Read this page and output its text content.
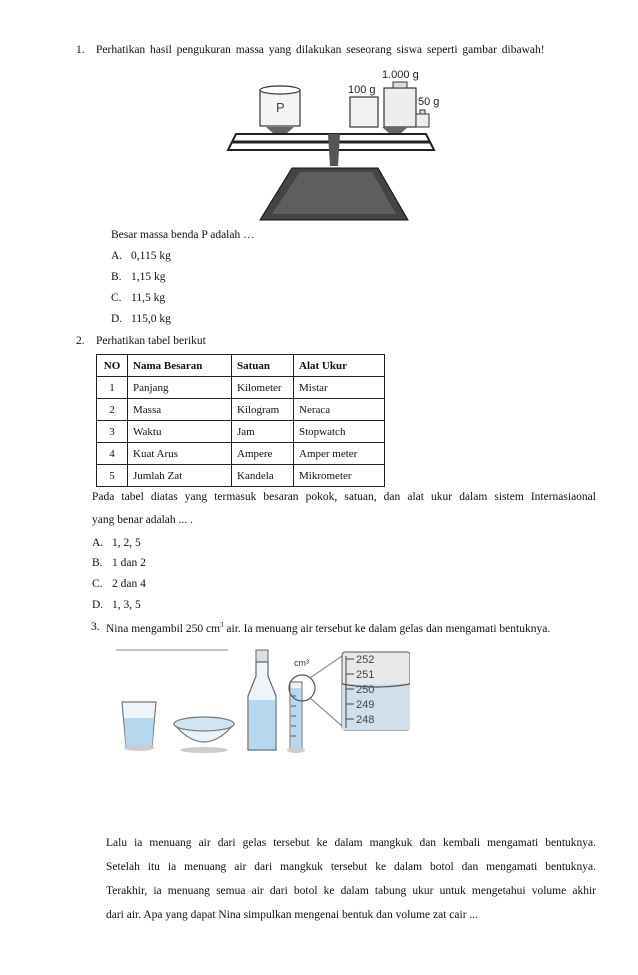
1. Perhatikan hasil pengukuran massa yang dilakukan seseorang siswa seperti gambar dibawah!
1.000 g
100 g
50 g
P
Besar massa benda P adalah …
A. 0,115 kg
B. 1,15 kg
C. 11,5 kg
D. 115,0 kg
2. Perhatikan tabel berikut
NO	Nama Besaran	Satuan	Alat Ukur
1	Panjang	Kilometer	Mistar
2	Massa	Kilogram	Neraca
3	Waktu	Jam	Stopwatch
4	Kuat Arus	Ampere	Amper meter
5	Jumlah Zat	Kandela	Mikrometer
Pada tabel diatas yang termasuk besaran pokok, satuan, dan alat ukur dalam sistem Internasiaonal
yang benar adalah ... .
A. 1, 2, 5
B. 1 dan 2
C. 2 dan 4
D. 1, 3, 5
3. Nina mengambil 250 $cm^3$ air. Ia menuang air tersebut ke dalam gelas dan mengamati bentuknya.
cm³	252
251
250
249
248
Lalu ia menuang air dari gelas tersebut ke dalam mangkuk dan kembali mengamati bentuknya.
Setelah itu ia menuang air dari mangkuk tersebut ke dalam botol dan mengamati bentuknya.
Terakhir, ia menuang semua air dari botol ke dalam tabung ukur untuk mengetahui volume akhir
dari air. Apa yang dapat Nina simpulkan mengenai bentuk dan volume zat cair ...
